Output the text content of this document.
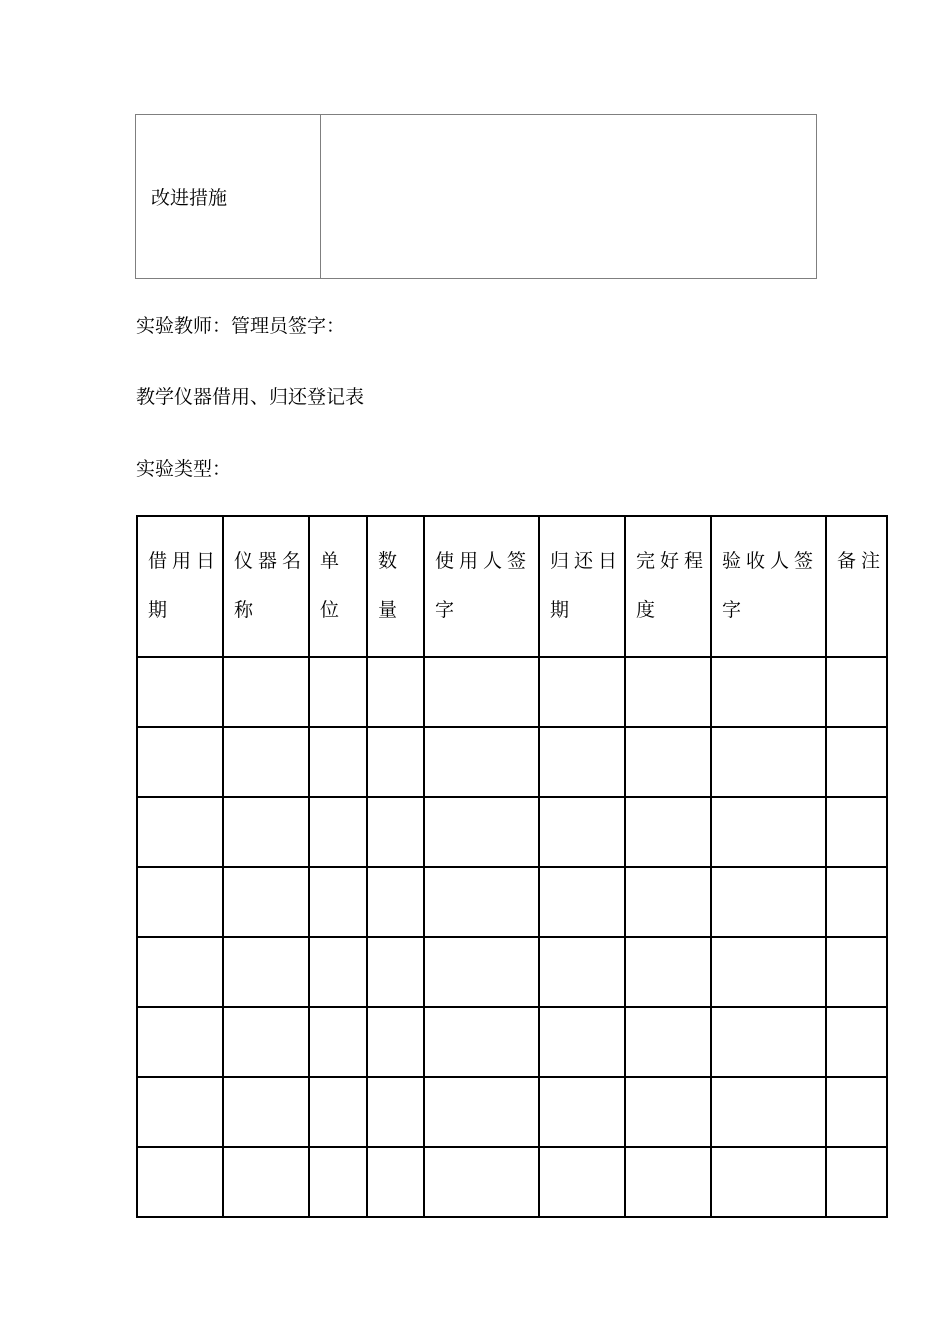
改进措施	
实验教师：管理员签字：
教学仪器借用、归还登记表
实验类型：
借用日期	仪器名称	单位	数量	使用人签字	归还日期	完好程度	验收人签字	备注
